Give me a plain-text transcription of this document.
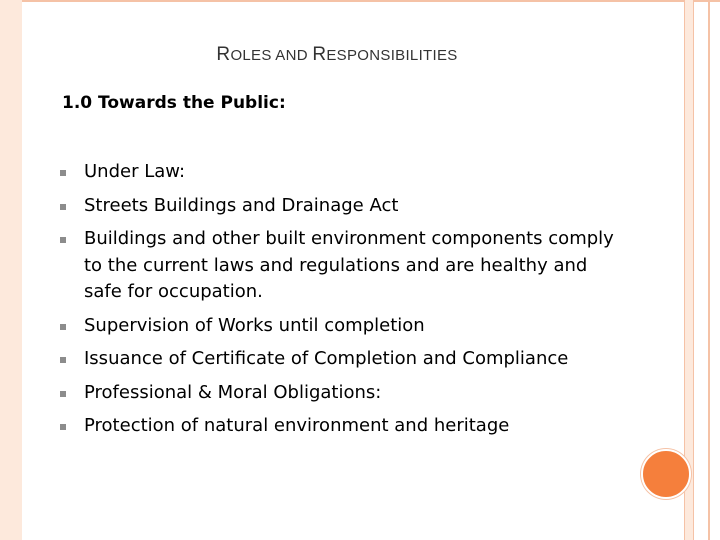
ROLES AND RESPONSIBILITIES
1.0 Towards the Public:
Under Law:
Streets Buildings and Drainage Act
Buildings and other built environment components comply to the current laws and regulations and are healthy and safe for occupation.
Supervision of Works until completion
Issuance of Certificate of Completion and Compliance
Professional & Moral Obligations:
Protection of natural environment and heritage
